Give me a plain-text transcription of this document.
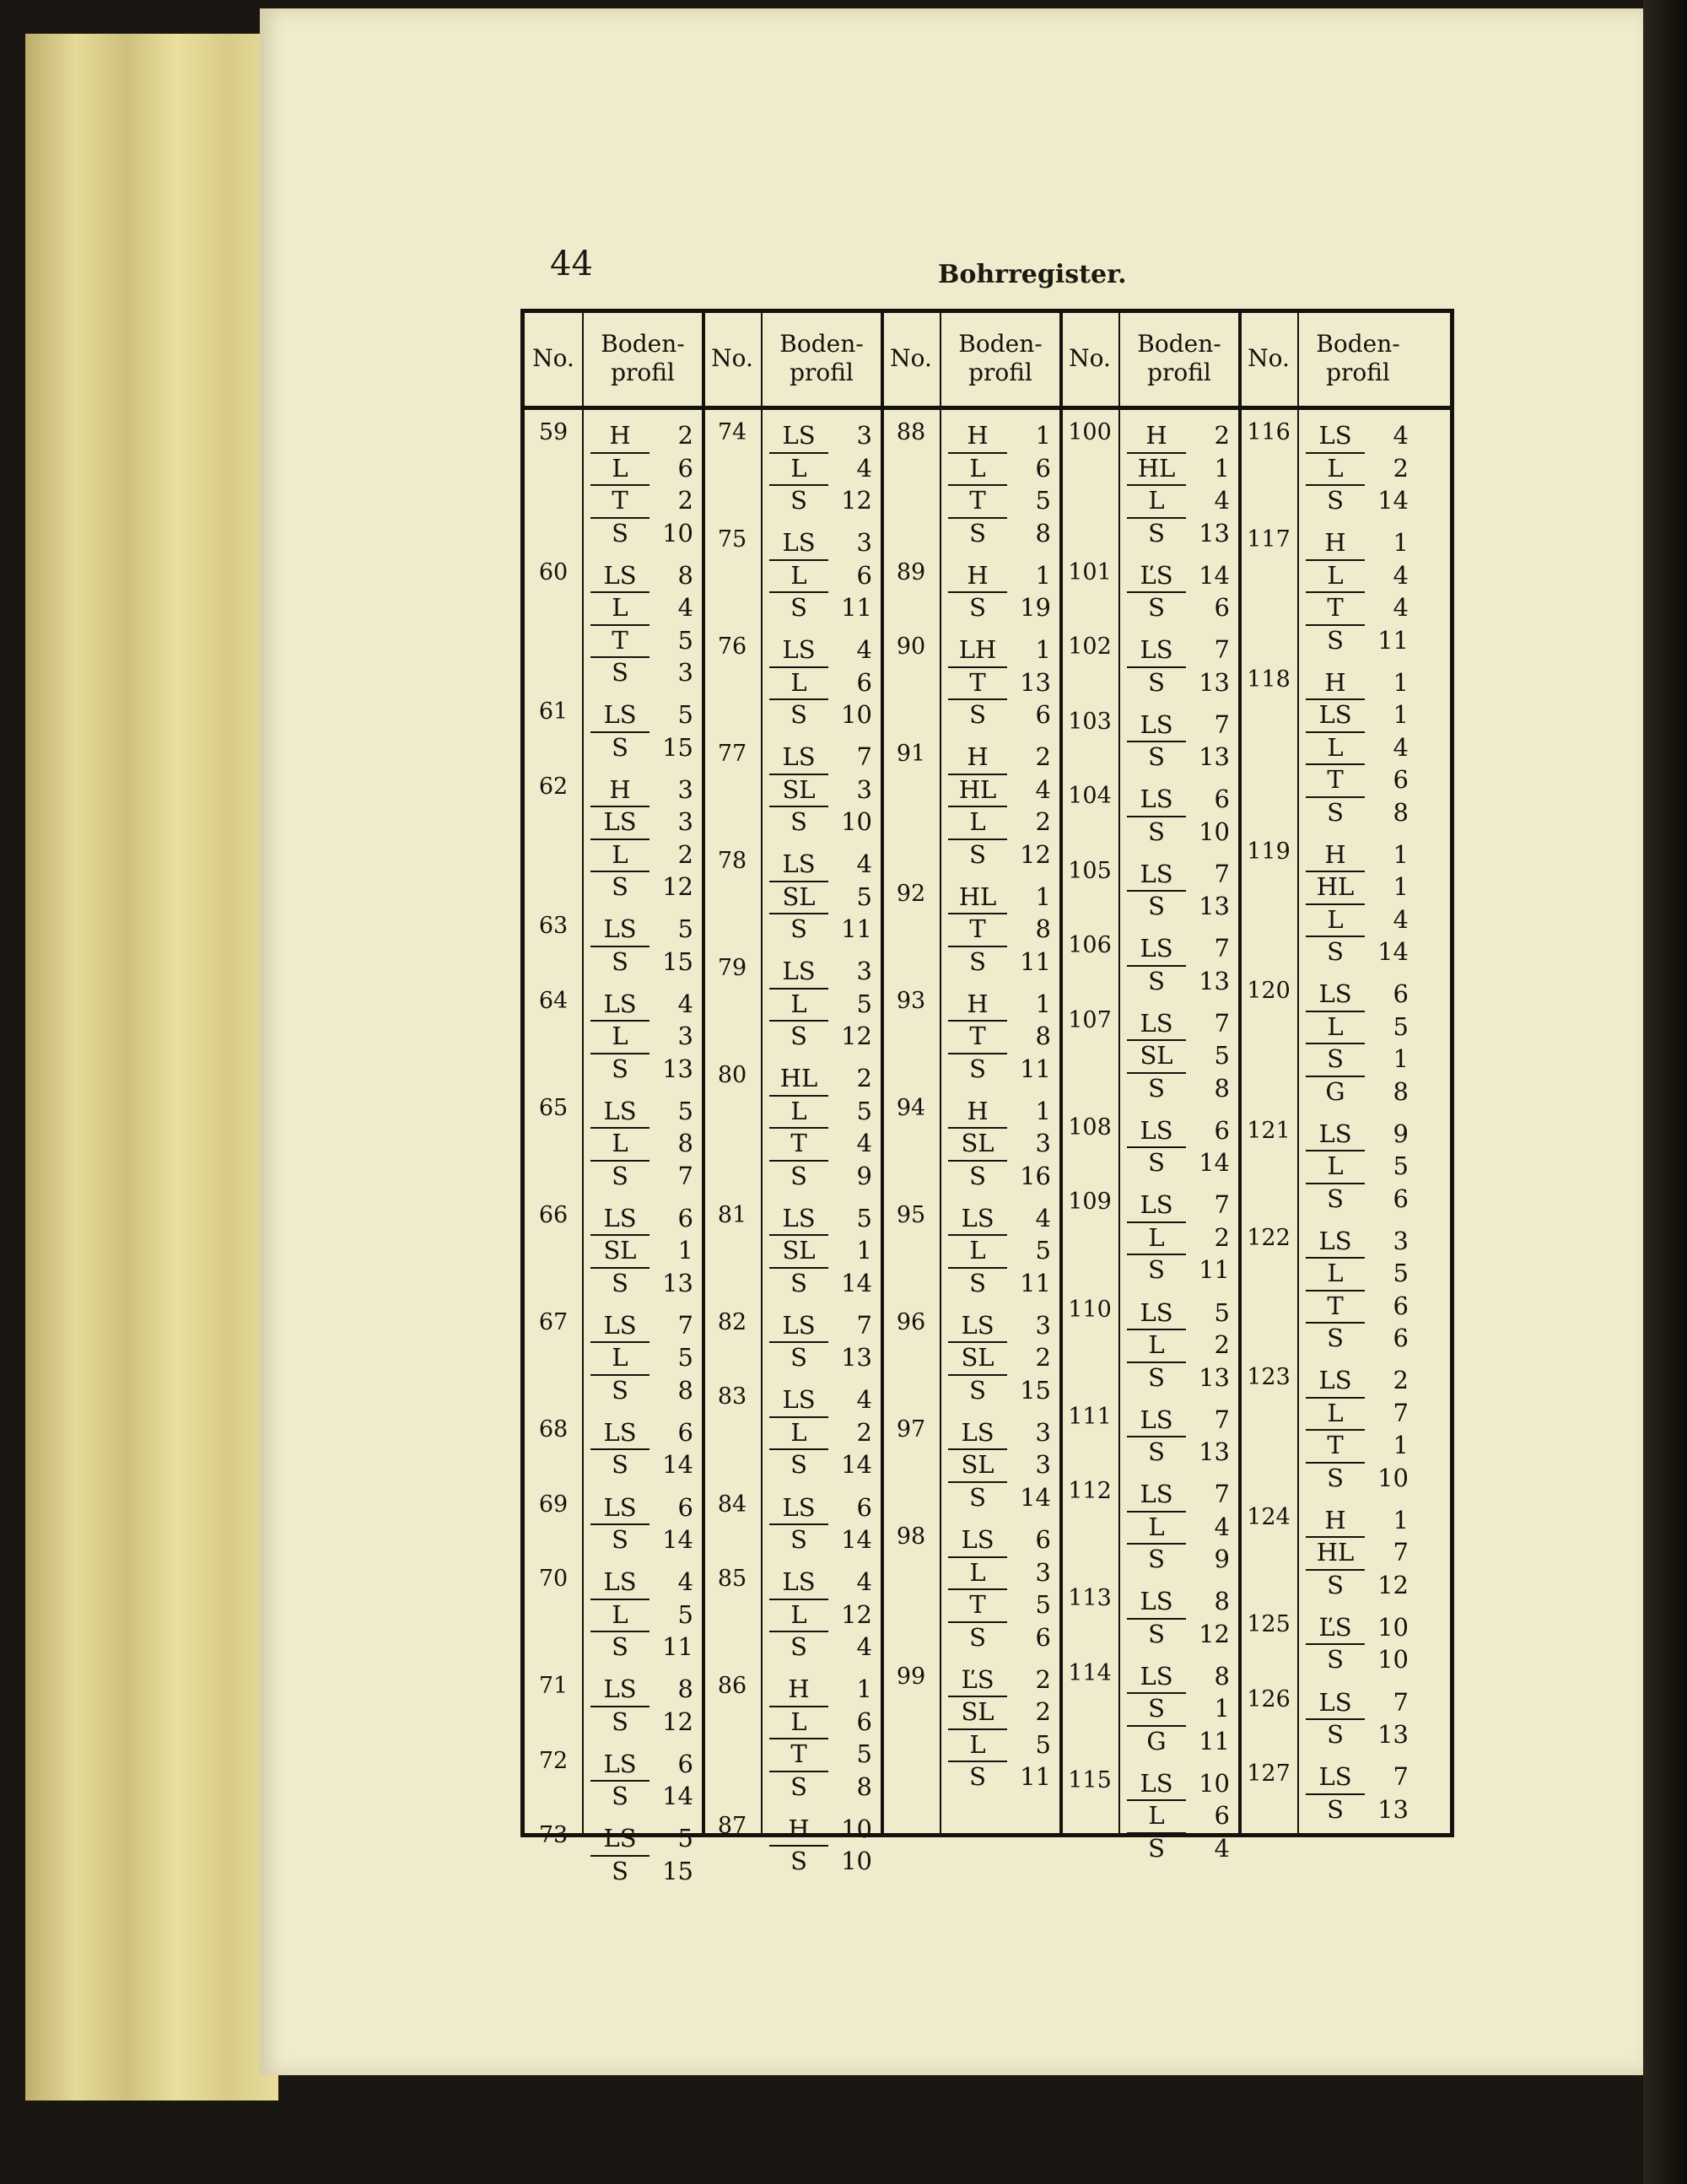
44	Bohrregister.
No.
Boden-
profil
59	H 2
L 6
T 2
S 10
60	LS 8
L 4
T 5
S 3
61	LS 5
S 15
62	H 3
LS 3
L 2
S 12
63	LS 5
S 15
64	LS 4
L 3
S 13
65	LS 5
L 8
S 7
66	LS 6
SL 1
S 13
67	LS 7
L 5
S 8
68	LS 6
S 14
69	LS 6
S 14
70	LS 4
L 5
S 11
71	LS 8
S 12
72	LS 6
S 14
73	LS 5
S 15
No.
Boden-
profil
74	LS 3
L 4
S 12
75	LS 3
L 6
S 11
76	LS 4
L 6
S 10
77	LS 7
SL 3
S 10
78	LS 4
SL 5
S 11
79	LS 3
L 5
S 12
80	HL 2
L 5
T 4
S 9
81	LS 5
SL 1
S 14
82	LS 7
S 13
83	LS 4
L 2
S 14
84	LS 6
S 14
85	LS 4
L 12
S 4
86	H 1
L 6
T 5
S 8
87	H 10
S 10
No.
Boden-
profil
88	H 1
L 6
T 5
S 8
89	H 1
S 19
90	LH 1
T 13
S 6
91	H 2
HL 4
L 2
S 12
92	HL 1
T 8
S 11
93	H 1
T 8
S 11
94	H 1
SL 3
S 16
95	LS 4
L 5
S 11
96	LS 3
SL 2
S 15
97	LS 3
SL 3
S 14
98	LS 6
L 3
T 5
S 6
99	ĽS 2
SL 2
L 5
S 11
No.
Boden-
profil
100	H 2
HL 1
L 4
S 13
101	ĽS 14
S 6
102	LS 7
S 13
103	LS 7
S 13
104	LS 6
S 10
105	LS 7
S 13
106	LS 7
S 13
107	LS 7
SL 5
S 8
108	LS 6
S 14
109	LS 7
L 2
S 11
110	LS 5
L 2
S 13
111	LS 7
S 13
112	LS 7
L 4
S 9
113	LS 8
S 12
114	LS 8
S 1
G 11
115	LS 10
L 6
S 4
No.
Boden-
profil
116	LS 4
L 2
S 14
117	H 1
L 4
T 4
S 11
118	H 1
LS 1
L 4
T 6
S 8
119	H 1
HL 1
L 4
S 14
120	LS 6
L 5
S 1
G 8
121	LS 9
L 5
S 6
122	LS 3
L 5
T 6
S 6
123	LS 2
L 7
T 1
S 10
124	H 1
HL 7
S 12
125	ĽS 10
S 10
126	LS 7
S 13
127	LS 7
S 13
